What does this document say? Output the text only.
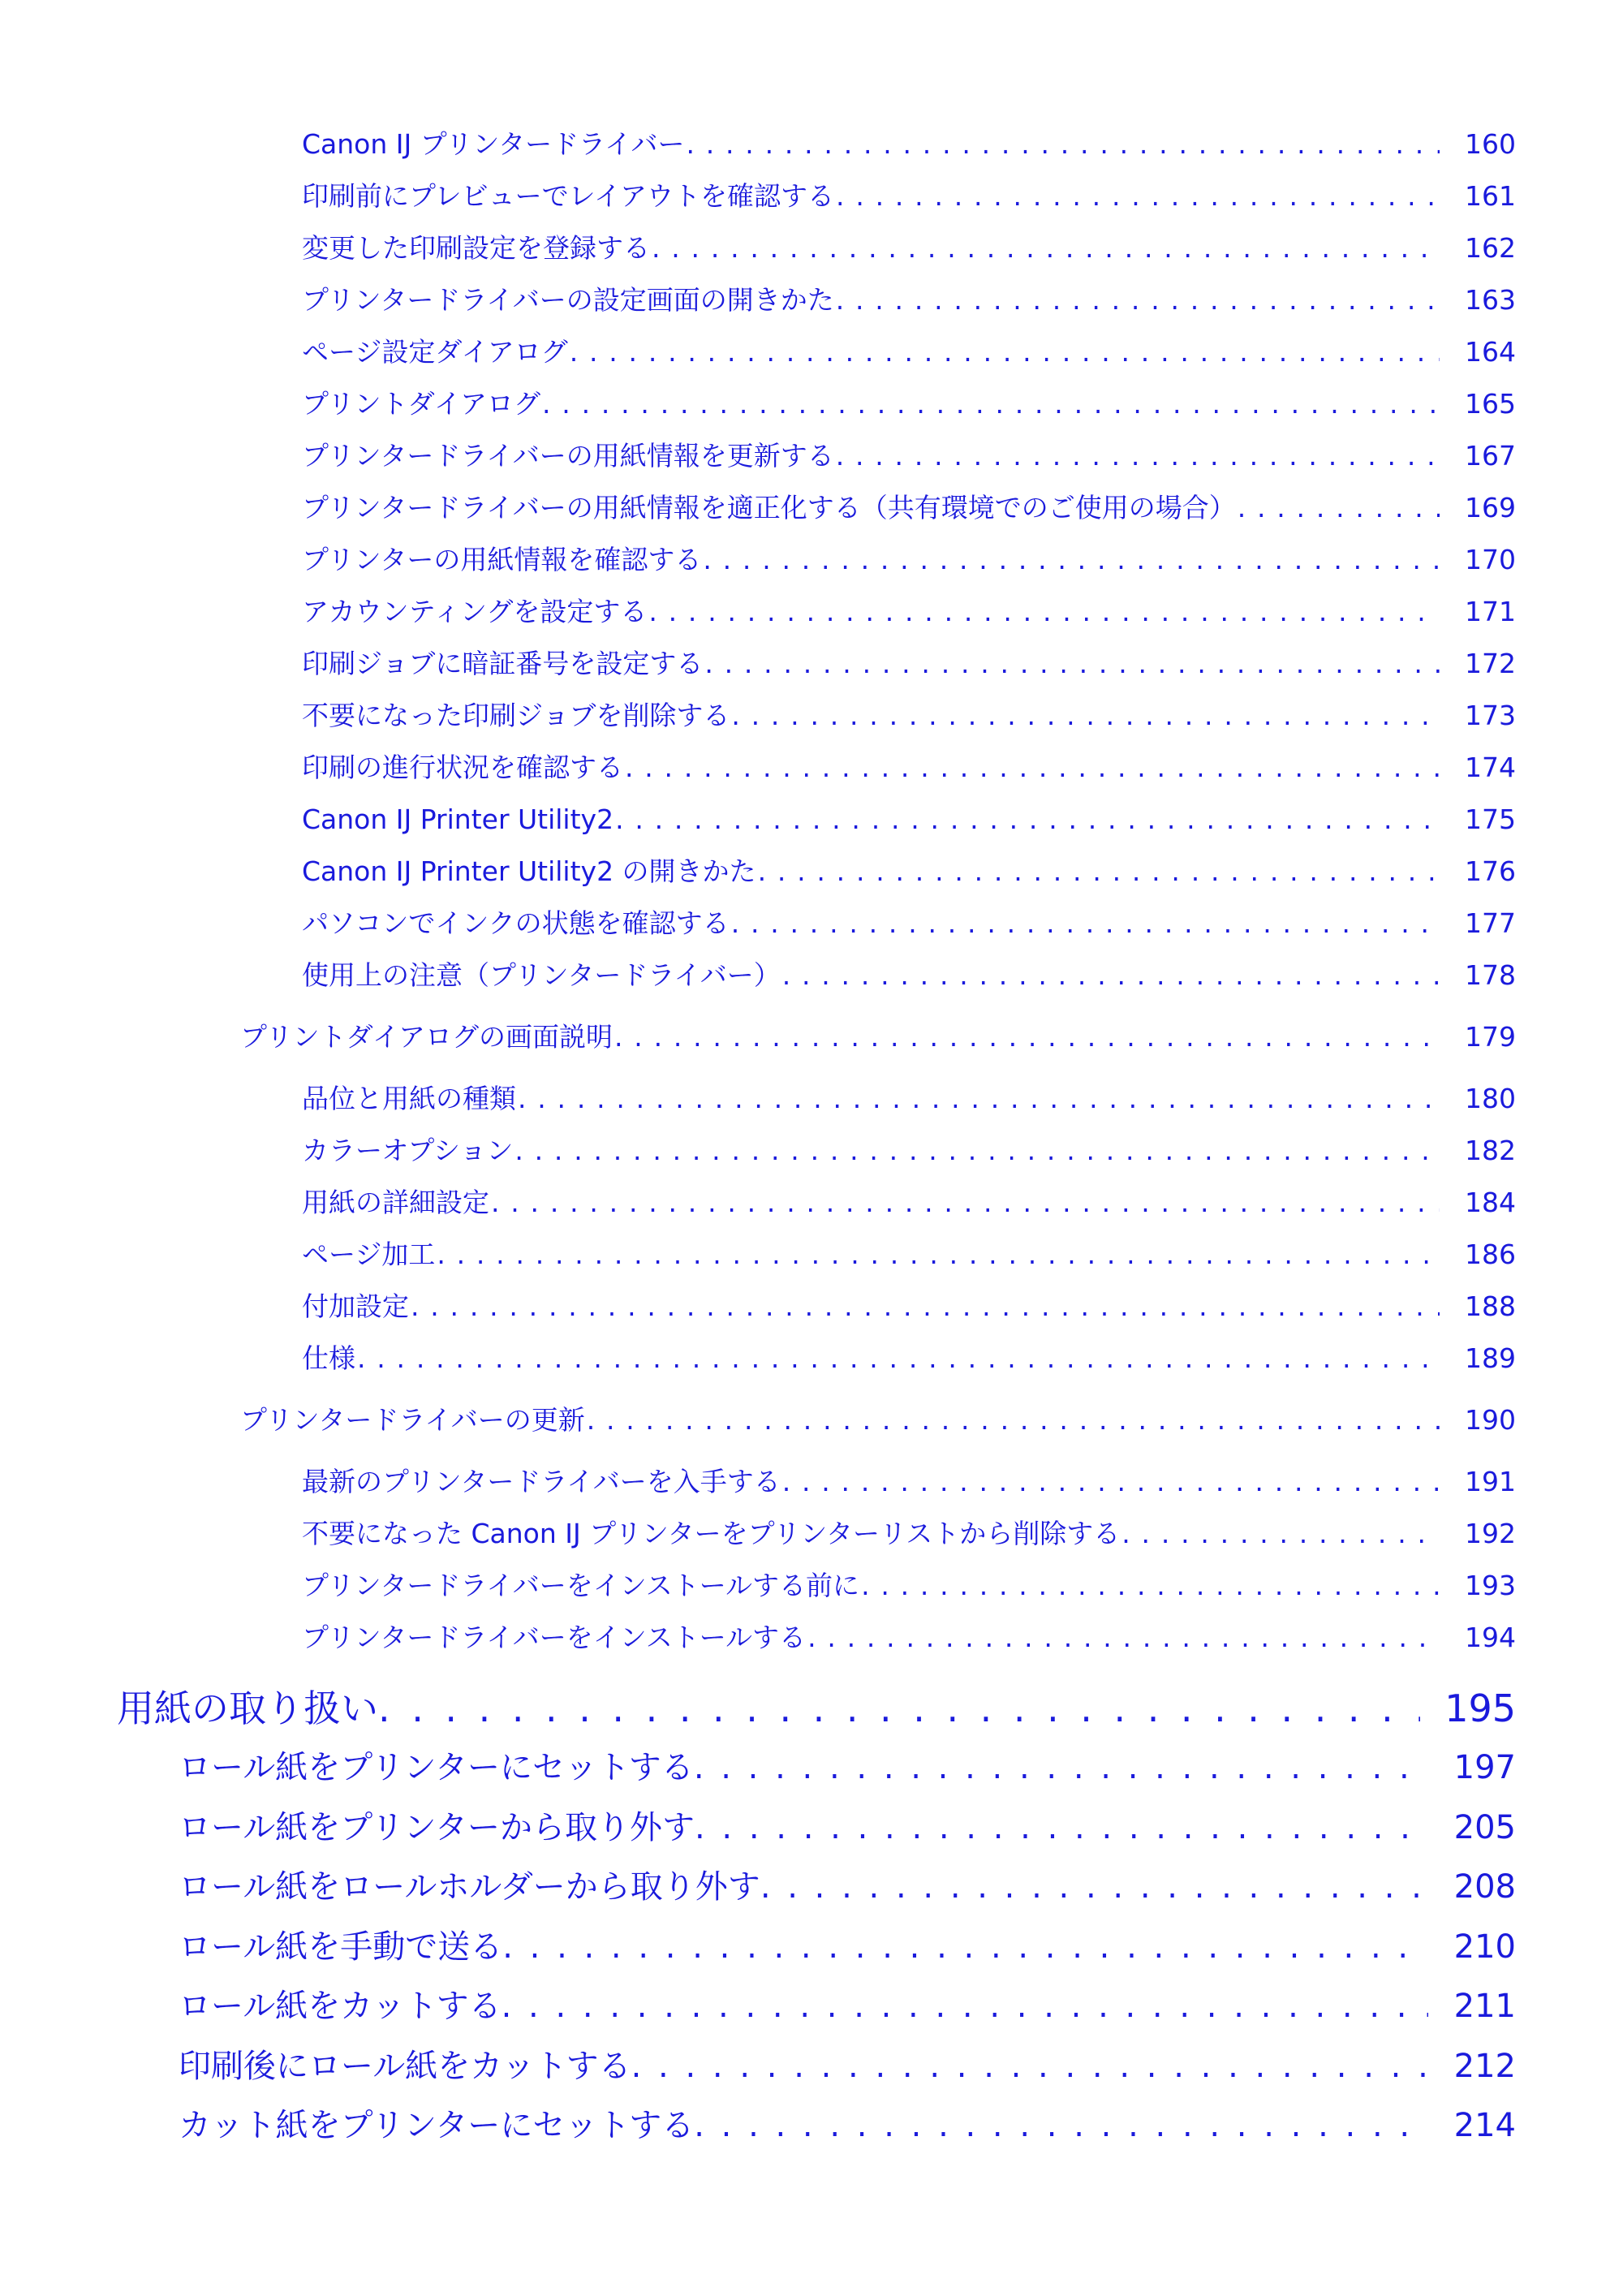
Canon IJ プリンタードライバー . . .	160
印刷前にプレビューでレイアウトを確認する . . .	161
変更した印刷設定を登録する . . .	162
プリンタードライバーの設定画面の開きかた . . .	163
ページ設定ダイアログ . . .	164
プリントダイアログ . . .	165
プリンタードライバーの用紙情報を更新する . . .	167
プリンタードライバーの用紙情報を適正化する（共有環境でのご使用の場合） . . .	169
プリンターの用紙情報を確認する . . .	170
アカウンティングを設定する . . .	171
印刷ジョブに暗証番号を設定する . . .	172
不要になった印刷ジョブを削除する . . .	173
印刷の進行状況を確認する . . .	174
Canon IJ Printer Utility2 . . .	175
Canon IJ Printer Utility2 の開きかた . . .	176
パソコンでインクの状態を確認する . . .	177
使用上の注意（プリンタードライバー） . . .	178
プリントダイアログの画面説明 . . .	179
品位と用紙の種類 . . .	180
カラーオプション . . .	182
用紙の詳細設定 . . .	184
ページ加工 . . .	186
付加設定 . . .	188
仕様 . . .	189
プリンタードライバーの更新 . . .	190
最新のプリンタードライバーを入手する . . .	191
不要になった Canon IJ プリンターをプリンターリストから削除する . . .	192
プリンタードライバーをインストールする前に . . .	193
プリンタードライバーをインストールする . . .	194
用紙の取り扱い . . .	195
ロール紙をプリンターにセットする . . .	197
ロール紙をプリンターから取り外す . . .	205
ロール紙をロールホルダーから取り外す . . .	208
ロール紙を手動で送る . . .	210
ロール紙をカットする . . .	211
印刷後にロール紙をカットする . . .	212
カット紙をプリンターにセットする . . .	214
